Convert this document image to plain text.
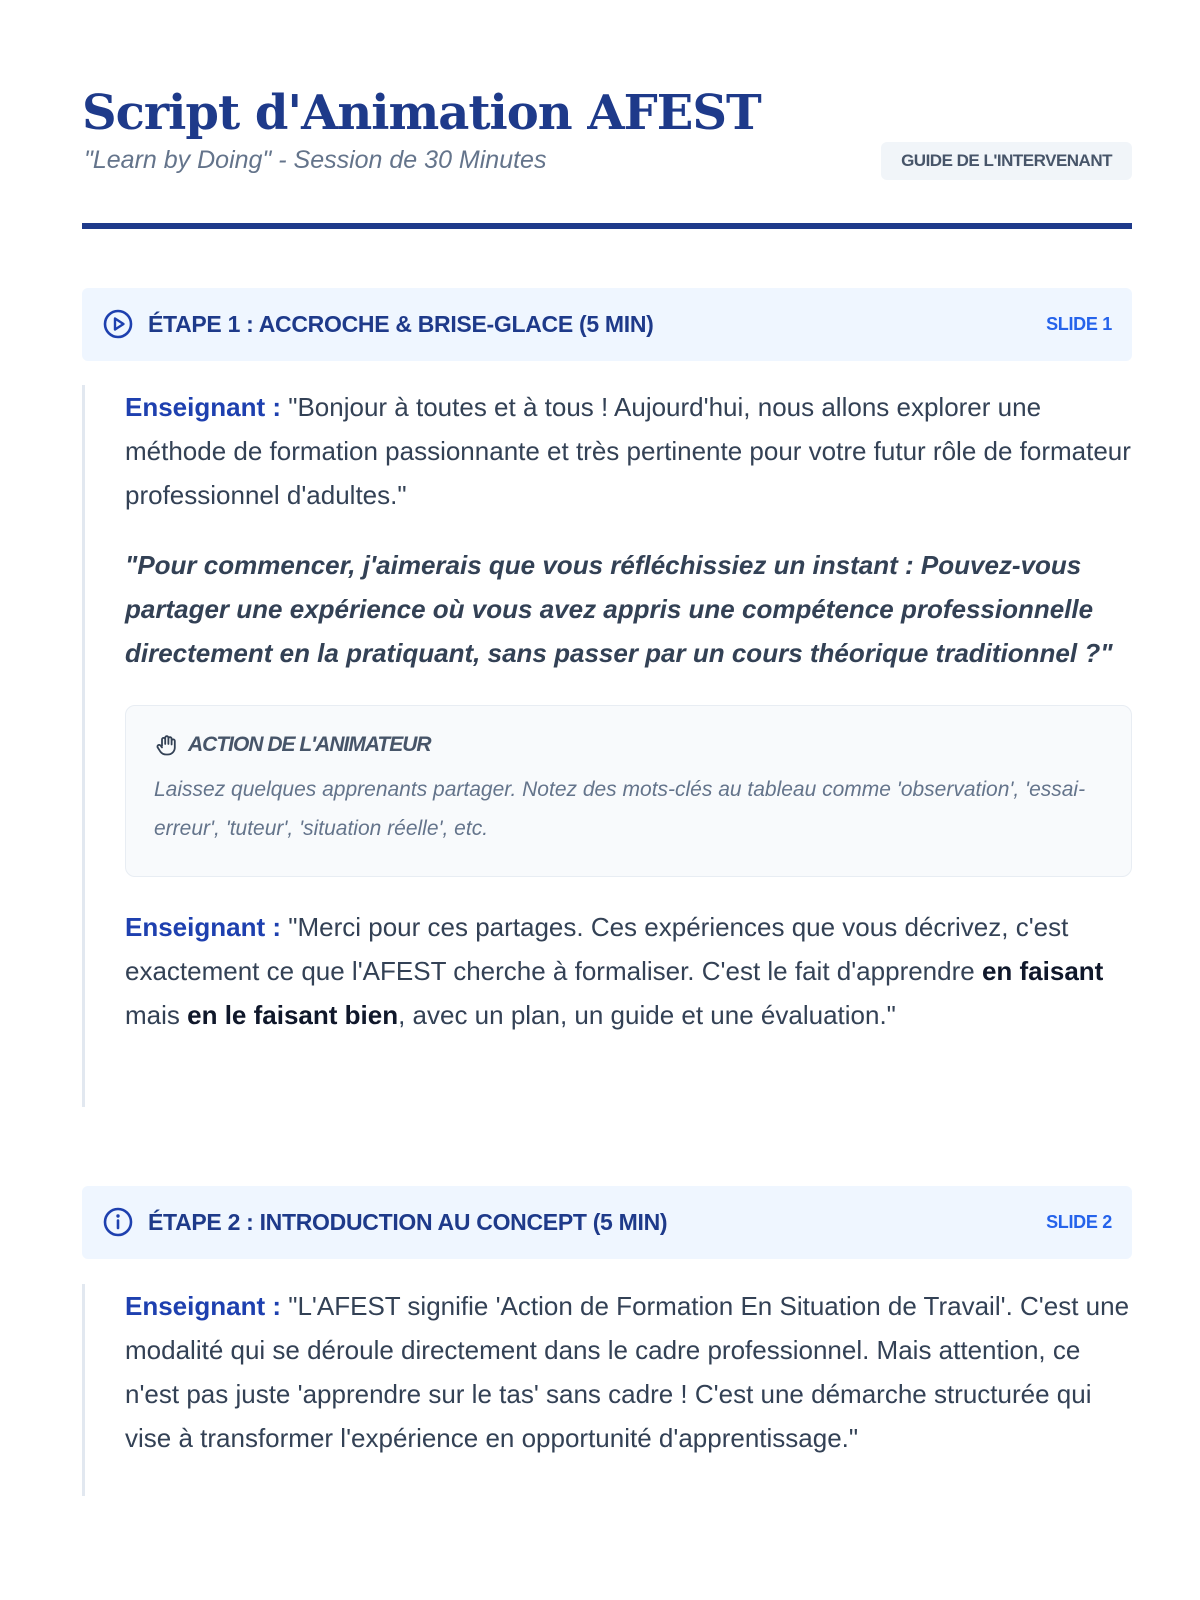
Script d'Animation AFEST
"Learn by Doing" - Session de 30 Minutes	GUIDE DE L'INTERVENANT
ÉTAPE 1 : ACCROCHE & BRISE-GLACE (5 MIN)	SLIDE 1

Enseignant : "Bonjour à toutes et à tous ! Aujourd'hui, nous allons explorer une méthode de formation passionnante et très pertinente pour votre futur rôle de formateur professionnel d'adultes."

"Pour commencer, j'aimerais que vous réfléchissiez un instant : Pouvez-vous partager une expérience où vous avez appris une compétence professionnelle directement en la pratiquant, sans passer par un cours théorique traditionnel ?"

ACTION DE L'ANIMATEUR

Laissez quelques apprenants partager. Notez des mots-clés au tableau comme 'observation', 'essai-erreur', 'tuteur', 'situation réelle', etc.

Enseignant : "Merci pour ces partages. Ces expériences que vous décrivez, c'est exactement ce que l'AFEST cherche à formaliser. C'est le fait d'apprendre en faisant mais en le faisant bien, avec un plan, un guide et une évaluation."

ÉTAPE 2 : INTRODUCTION AU CONCEPT (5 MIN)	SLIDE 2

Enseignant : "L'AFEST signifie 'Action de Formation En Situation de Travail'. C'est une modalité qui se déroule directement dans le cadre professionnel. Mais attention, ce n'est pas juste 'apprendre sur le tas' sans cadre ! C'est une démarche structurée qui vise à transformer l'expérience en opportunité d'apprentissage."
